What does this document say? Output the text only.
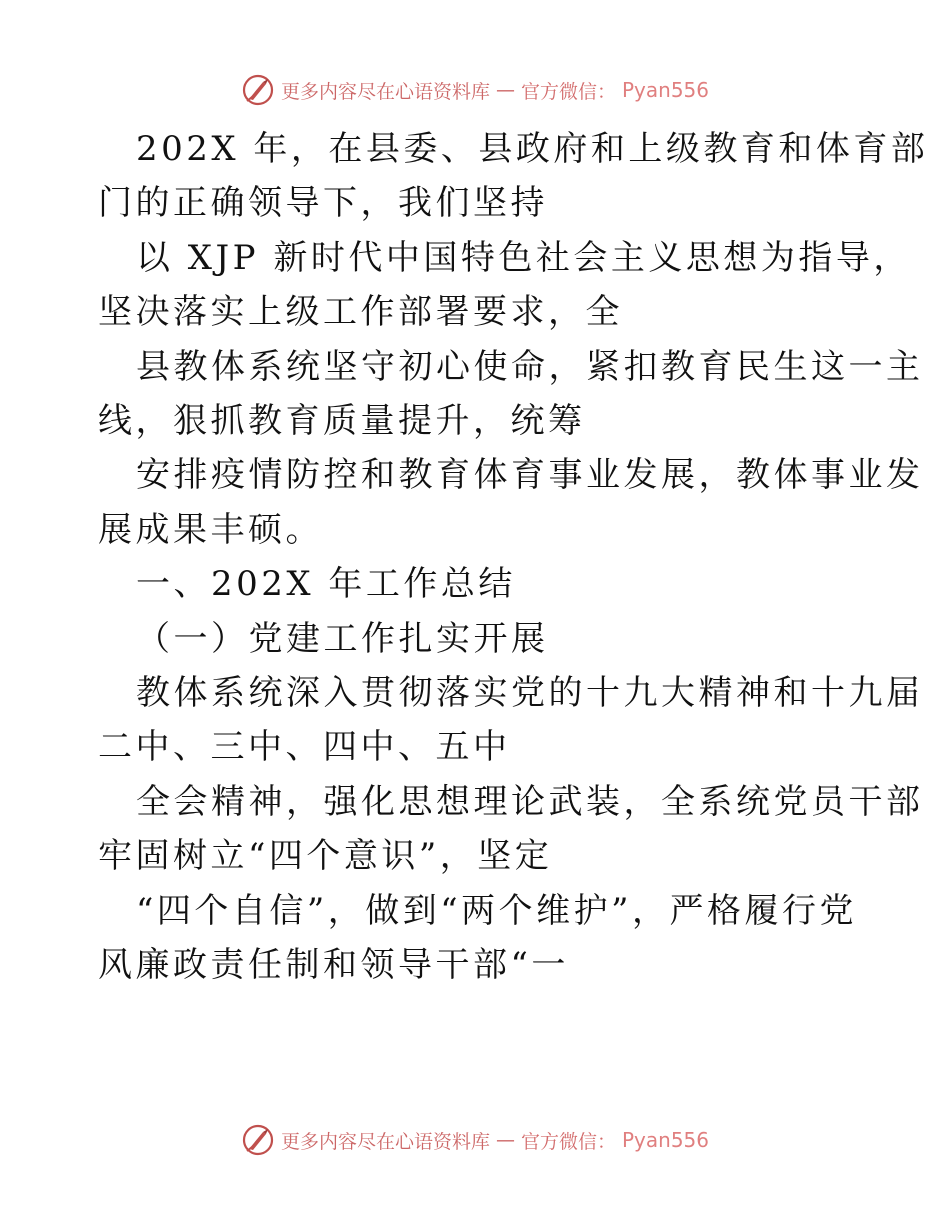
更多内容尽在心语资料库 — 官方微信： Pyan556
202X 年，在县委、县政府和上级教育和体育部
门的正确领导下，我们坚持
以 XJP 新时代中国特色社会主义思想为指导，
坚决落实上级工作部署要求，全
县教体系统坚守初心使命，紧扣教育民生这一主
线，狠抓教育质量提升，统筹
安排疫情防控和教育体育事业发展，教体事业发
展成果丰硕。
一、202X 年工作总结
（一）党建工作扎实开展
教体系统深入贯彻落实党的十九大精神和十九届
二中、三中、四中、五中
全会精神，强化思想理论武装，全系统党员干部
牢固树立“四个意识”，坚定
“四个自信”，做到“两个维护”，严格履行党
风廉政责任制和领导干部“一
更多内容尽在心语资料库 — 官方微信： Pyan556
